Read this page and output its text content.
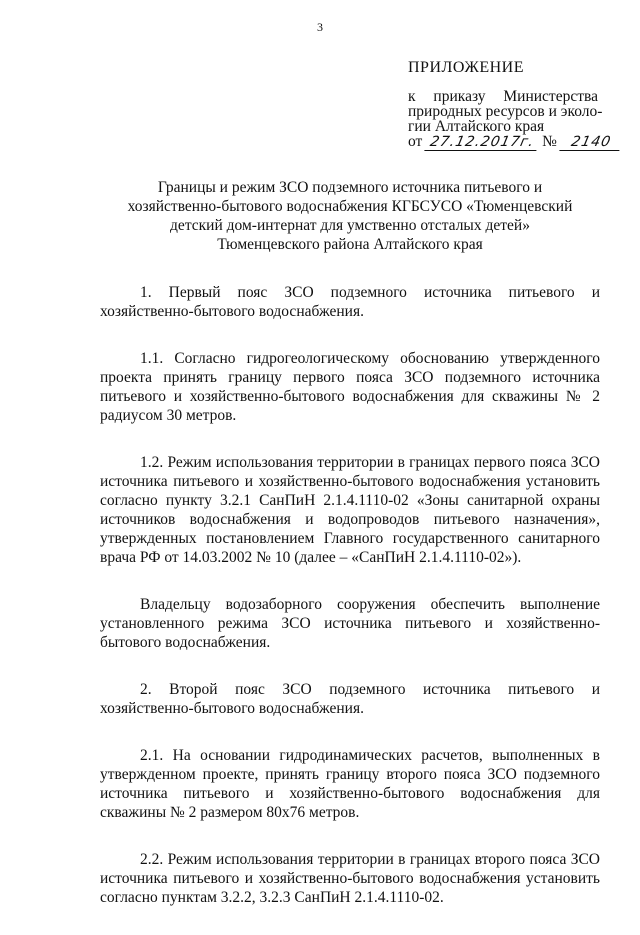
3
ПРИЛОЖЕНИЕ
к приказу Министерства
природных ресурсов и эколо-
гии Алтайского края
от 27.12.2017г. № 2140
Границы и режим ЗСО подземного источника питьевого и
хозяйственно-бытового водоснабжения КГБСУСО «Тюменцевский
детский дом-интернат для умственно отсталых детей»
Тюменцевского района Алтайского края

1. Первый пояс ЗСО подземного источника питьевого и хозяйственно-бытового водоснабжения.

1.1. Согласно гидрогеологическому обоснованию утвержденного проекта принять границу первого пояса ЗСО подземного источника питьевого и хозяйственно-бытового водоснабжения для скважины № 2 радиусом 30 метров.

1.2. Режим использования территории в границах первого пояса ЗСО источника питьевого и хозяйственно-бытового водоснабжения установить согласно пункту 3.2.1 СанПиН 2.1.4.1110-02 «Зоны санитарной охраны источников водоснабжения и водопроводов питьевого назначения», утвержденных постановлением Главного государственного санитарного врача РФ от 14.03.2002 № 10 (далее – «СанПиН 2.1.4.1110-02»).

Владельцу водозаборного сооружения обеспечить выполнение установленного режима ЗСО источника питьевого и хозяйственно-бытового водоснабжения.

2. Второй пояс ЗСО подземного источника питьевого и хозяйственно-бытового водоснабжения.

2.1. На основании гидродинамических расчетов, выполненных в утвержденном проекте, принять границу второго пояса ЗСО подземного источника питьевого и хозяйственно-бытового водоснабжения для скважины № 2 размером 80х76 метров.

2.2. Режим использования территории в границах второго пояса ЗСО источника питьевого и хозяйственно-бытового водоснабжения установить согласно пунктам 3.2.2, 3.2.3 СанПиН 2.1.4.1110-02.
